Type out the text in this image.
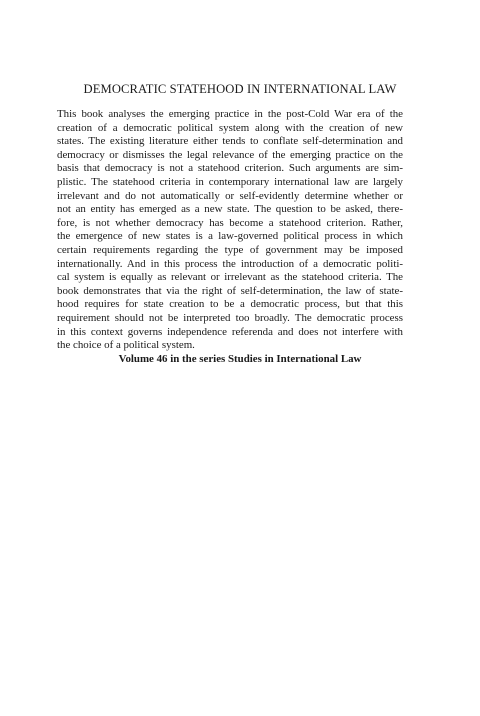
DEMOCRATIC STATEHOOD IN INTERNATIONAL LAW
This book analyses the emerging practice in the post-Cold War era of the
creation of a democratic political system along with the creation of new
states. The existing literature either tends to conflate self-determination and
democracy or dismisses the legal relevance of the emerging practice on the
basis that democracy is not a statehood criterion. Such arguments are sim-
plistic. The statehood criteria in contemporary international law are largely
irrelevant and do not automatically or self-evidently determine whether or
not an entity has emerged as a new state. The question to be asked, there-
fore, is not whether democracy has become a statehood criterion. Rather,
the emergence of new states is a law-governed political process in which
certain requirements regarding the type of government may be imposed
internationally. And in this process the introduction of a democratic politi-
cal system is equally as relevant or irrelevant as the statehood criteria. The
book demonstrates that via the right of self-determination, the law of state-
hood requires for state creation to be a democratic process, but that this
requirement should not be interpreted too broadly. The democratic process
in this context governs independence referenda and does not interfere with
the choice of a political system.
Volume 46 in the series Studies in International Law
